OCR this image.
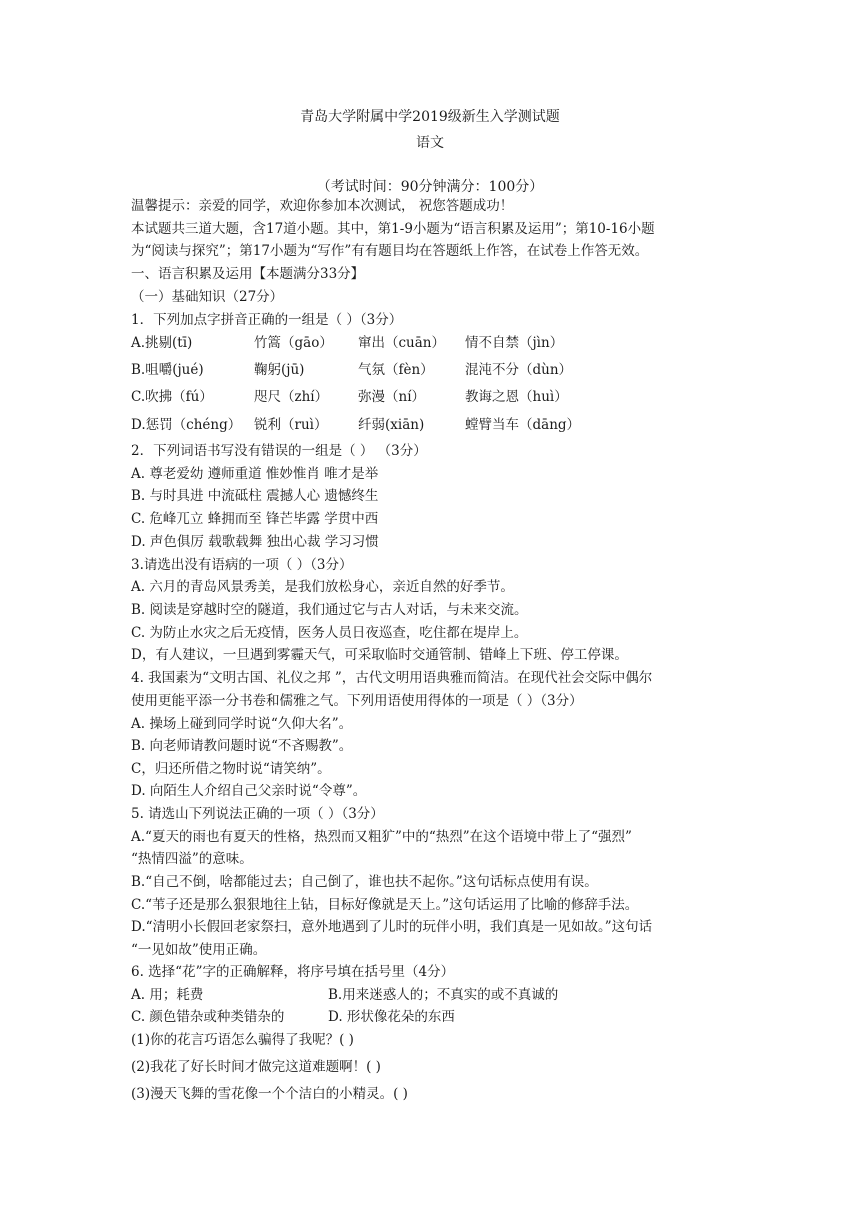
青岛大学附属中学2019级新生入学测试题
语文
（考试时间：90分钟满分：100分）
温馨提示：亲爱的同学，欢迎你参加本次测试， 祝您答题成功！
本试题共三道大题，含17道小题。其中，第1-9小题为“语言积累及运用”；第10-16小题
为“阅读与探究”；第17小题为“写作”有有题目均在答题纸上作答，在试卷上作答无效。
一、语言积累及运用【本题满分33分】
（一）基础知识（27分）
1．下列加点字拼音正确的一组是（ ）（3分）
A.挑剔(tī)	竹篙（gāo） 窜出（cuān） 情不自禁（jìn）
B.咀嚼(jué)	鞠躬(jū)	气氛（fèn） 混沌不分（dùn）
C.吹拂（fú）	咫尺（zhí） 弥漫（ní）	教诲之恩（huì）
D.惩罚（chéng） 锐利（ruì） 纤弱(xiān)	螳臂当车（dāng）
2．下列词语书写没有错误的一组是（ ） （3分）
A. 尊老爱幼 遵师重道 惟妙惟肖 唯才是举
B. 与时具进 中流砥柱 震撼人心 遗憾终生
C. 危峰兀立 蜂拥而至 锋芒毕露 学贯中西
D. 声色俱厉 载歌载舞 独出心裁 学习习惯
3.请选出没有语病的一项（ ）（3分）
A. 六月的青岛风景秀美，是我们放松身心，亲近自然的好季节。
B. 阅读是穿越时空的隧道，我们通过它与古人对话，与未来交流。
C. 为防止水灾之后无疫情，医务人员日夜巡查，吃住都在堤岸上。
D，有人建议，一旦遇到雾霾天气，可采取临时交通管制、错峰上下班、停工停课。
4. 我国素为“文明古国、礼仪之邦 ”，古代文明用语典雅而简洁。在现代社会交际中偶尔
使用更能平添一分书卷和儒雅之气。下列用语使用得体的一项是（ ）（3分）
A. 操场上碰到同学时说“久仰大名”。
B. 向老师请教问题时说“不吝赐教”。
C，归还所借之物时说“请笑纳”。
D. 向陌生人介绍自己父亲时说“令尊”。
5. 请选山下列说法正确的一项（ ）（3分）
A.“夏天的雨也有夏天的性格，热烈而又粗犷”中的“热烈”在这个语境中带上了“强烈”
“热情四溢”的意味。
B.“自己不倒，啥都能过去；自己倒了，谁也扶不起你。”这句话标点使用有误。
C.“苇子还是那么狠狠地往上钻，目标好像就是天上。”这句话运用了比喻的修辞手法。
D.“清明小长假回老家祭扫，意外地遇到了儿时的玩伴小明，我们真是一见如故。”这句话
“一见如故”使用正确。
6. 选择“花”字的正确解释，将序号填在括号里（4分）
A. 用；耗费	B.用来迷惑人的；不真实的或不真诚的
C. 颜色错杂或种类错杂的	D. 形状像花朵的东西
(1)你的花言巧语怎么骗得了我呢？( )
(2)我花了好长时间才做完这道难题啊！( )
(3)漫天飞舞的雪花像一个个洁白的小精灵。( )
